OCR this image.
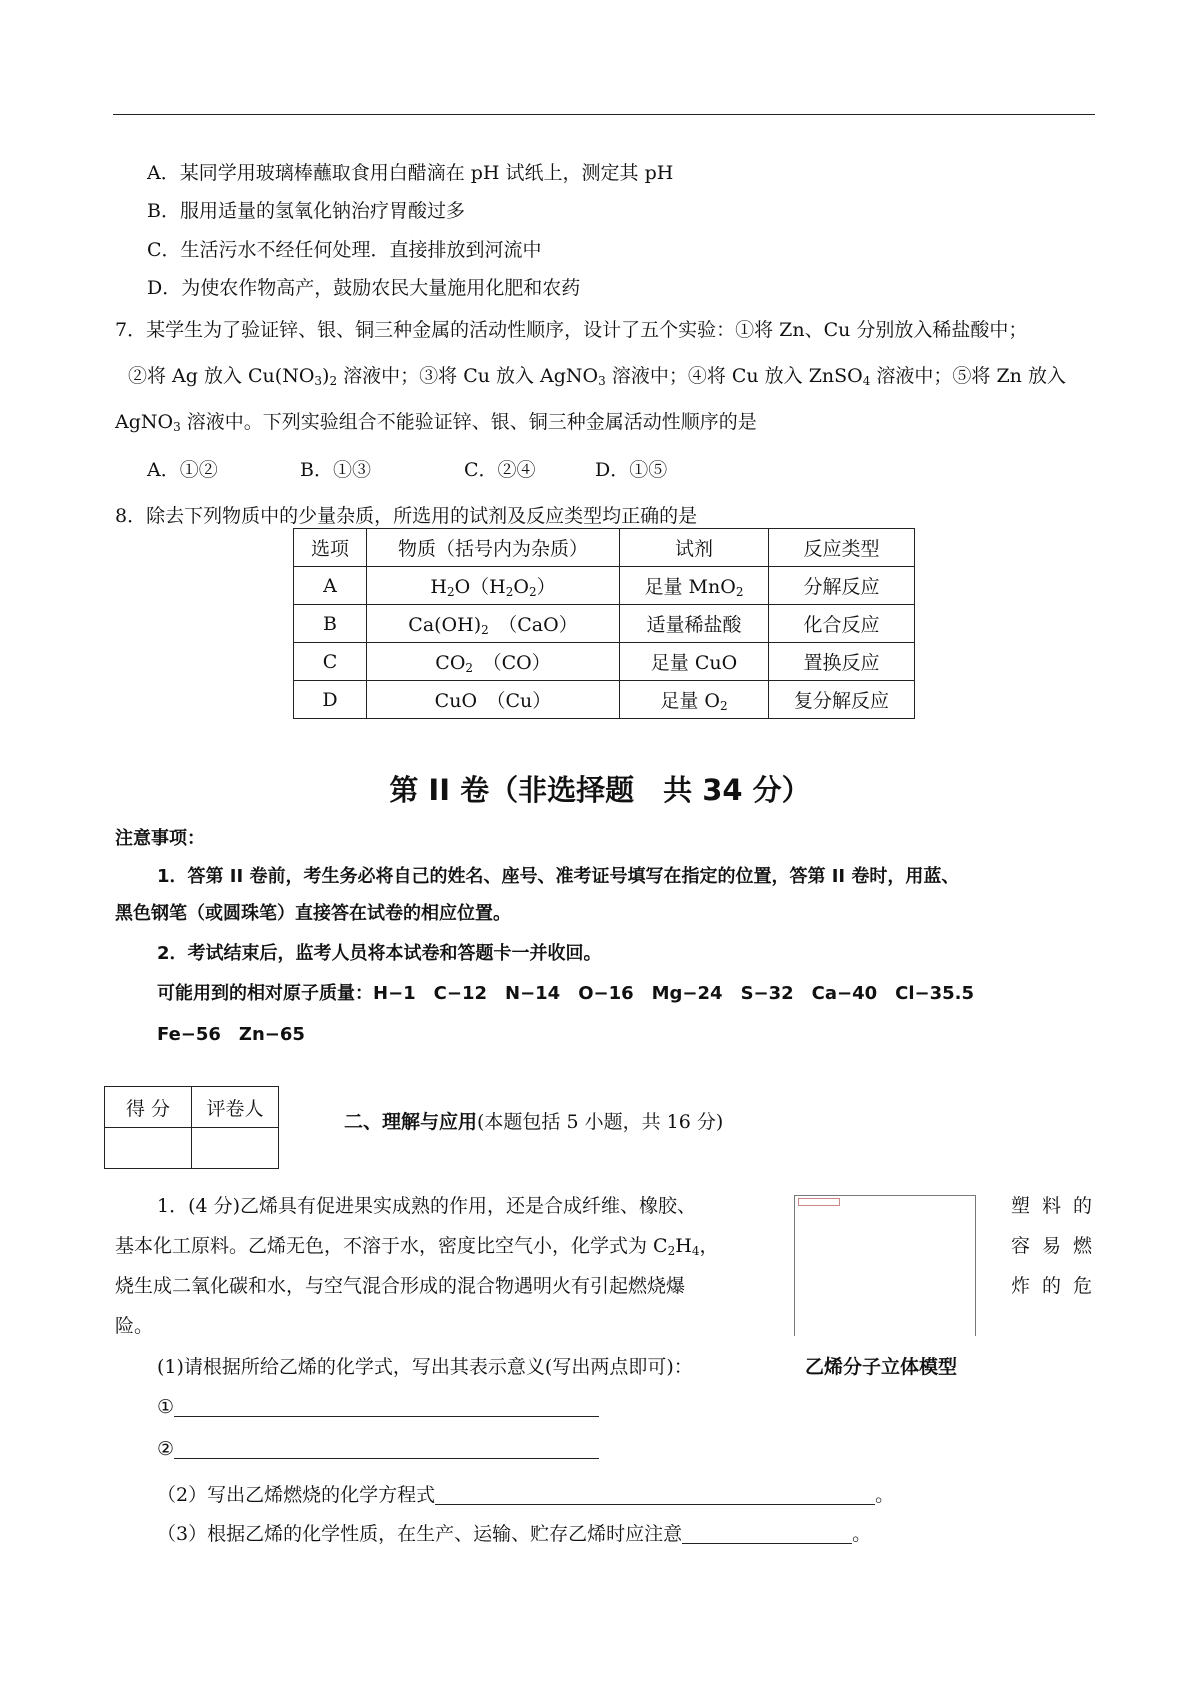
A．某同学用玻璃棒蘸取食用白醋滴在 pH 试纸上，测定其 pH
B．服用适量的氢氧化钠治疗胃酸过多
C．生活污水不经任何处理．直接排放到河流中
D．为使农作物高产，鼓励农民大量施用化肥和农药
7．某学生为了验证锌、银、铜三种金属的活动性顺序，设计了五个实验：①将 Zn、Cu 分别放入稀盐酸中；
②将 Ag 放入 $Cu(NO_3)_2$ 溶液中；③将 Cu 放入 AgNO$_3$ 溶液中；④将 Cu 放入 ZnSO$_4$ 溶液中；⑤将 Zn 放入
AgNO$_3$ 溶液中。下列实验组合不能验证锌、银、铜三种金属活动性顺序的是
A．①②	B．①③	C．②④	D．①⑤
8．除去下列物质中的少量杂质，所选用的试剂及反应类型均正确的是
选项	物质（括号内为杂质）	试剂	反应类型
A	$H_2O(H_2O_2)$	足量 MnO$_2$	分解反应
B	$Ca(OH)_2$　（CaO）	适量稀盐酸	化合反应
C	$CO_2$　（CO）	足量 CuO	置换反应
D	CuO　（Cu）	足量 $O_2$	复分解反应
第 II 卷（非选择题　共 34 分）
注意事项：
1．答第 II 卷前，考生务必将自己的姓名、座号、准考证号填写在指定的位置，答第 II 卷时，用蓝、
黑色钢笔（或圆珠笔）直接答在试卷的相应位置。
2．考试结束后，监考人员将本试卷和答题卡一并收回。
可能用到的相对原子质量：H−1　C−12　N−14　O−16　Mg−24　S−32　Ca−40　Cl−35.5
Fe−56　Zn−65
得 分	评卷人

二、理解与应用(本题包括 5 小题，共 16 分)
1．(4 分)乙烯具有促进果实成熟的作用，还是合成纤维、橡胶、	塑料的
基本化工原料。乙烯无色，不溶于水，密度比空气小，化学式为 $C_2H_4$，	容易燃
烧生成二氧化碳和水，与空气混合形成的混合物遇明火有引起燃烧爆	炸的危
险。
乙烯分子立体模型
(1)请根据所给乙烯的化学式，写出其表示意义(写出两点即可)：
①
②
（2）写出乙烯燃烧的化学方程式	。
（3）根据乙烯的化学性质，在生产、运输、贮存乙烯时应注意	。
